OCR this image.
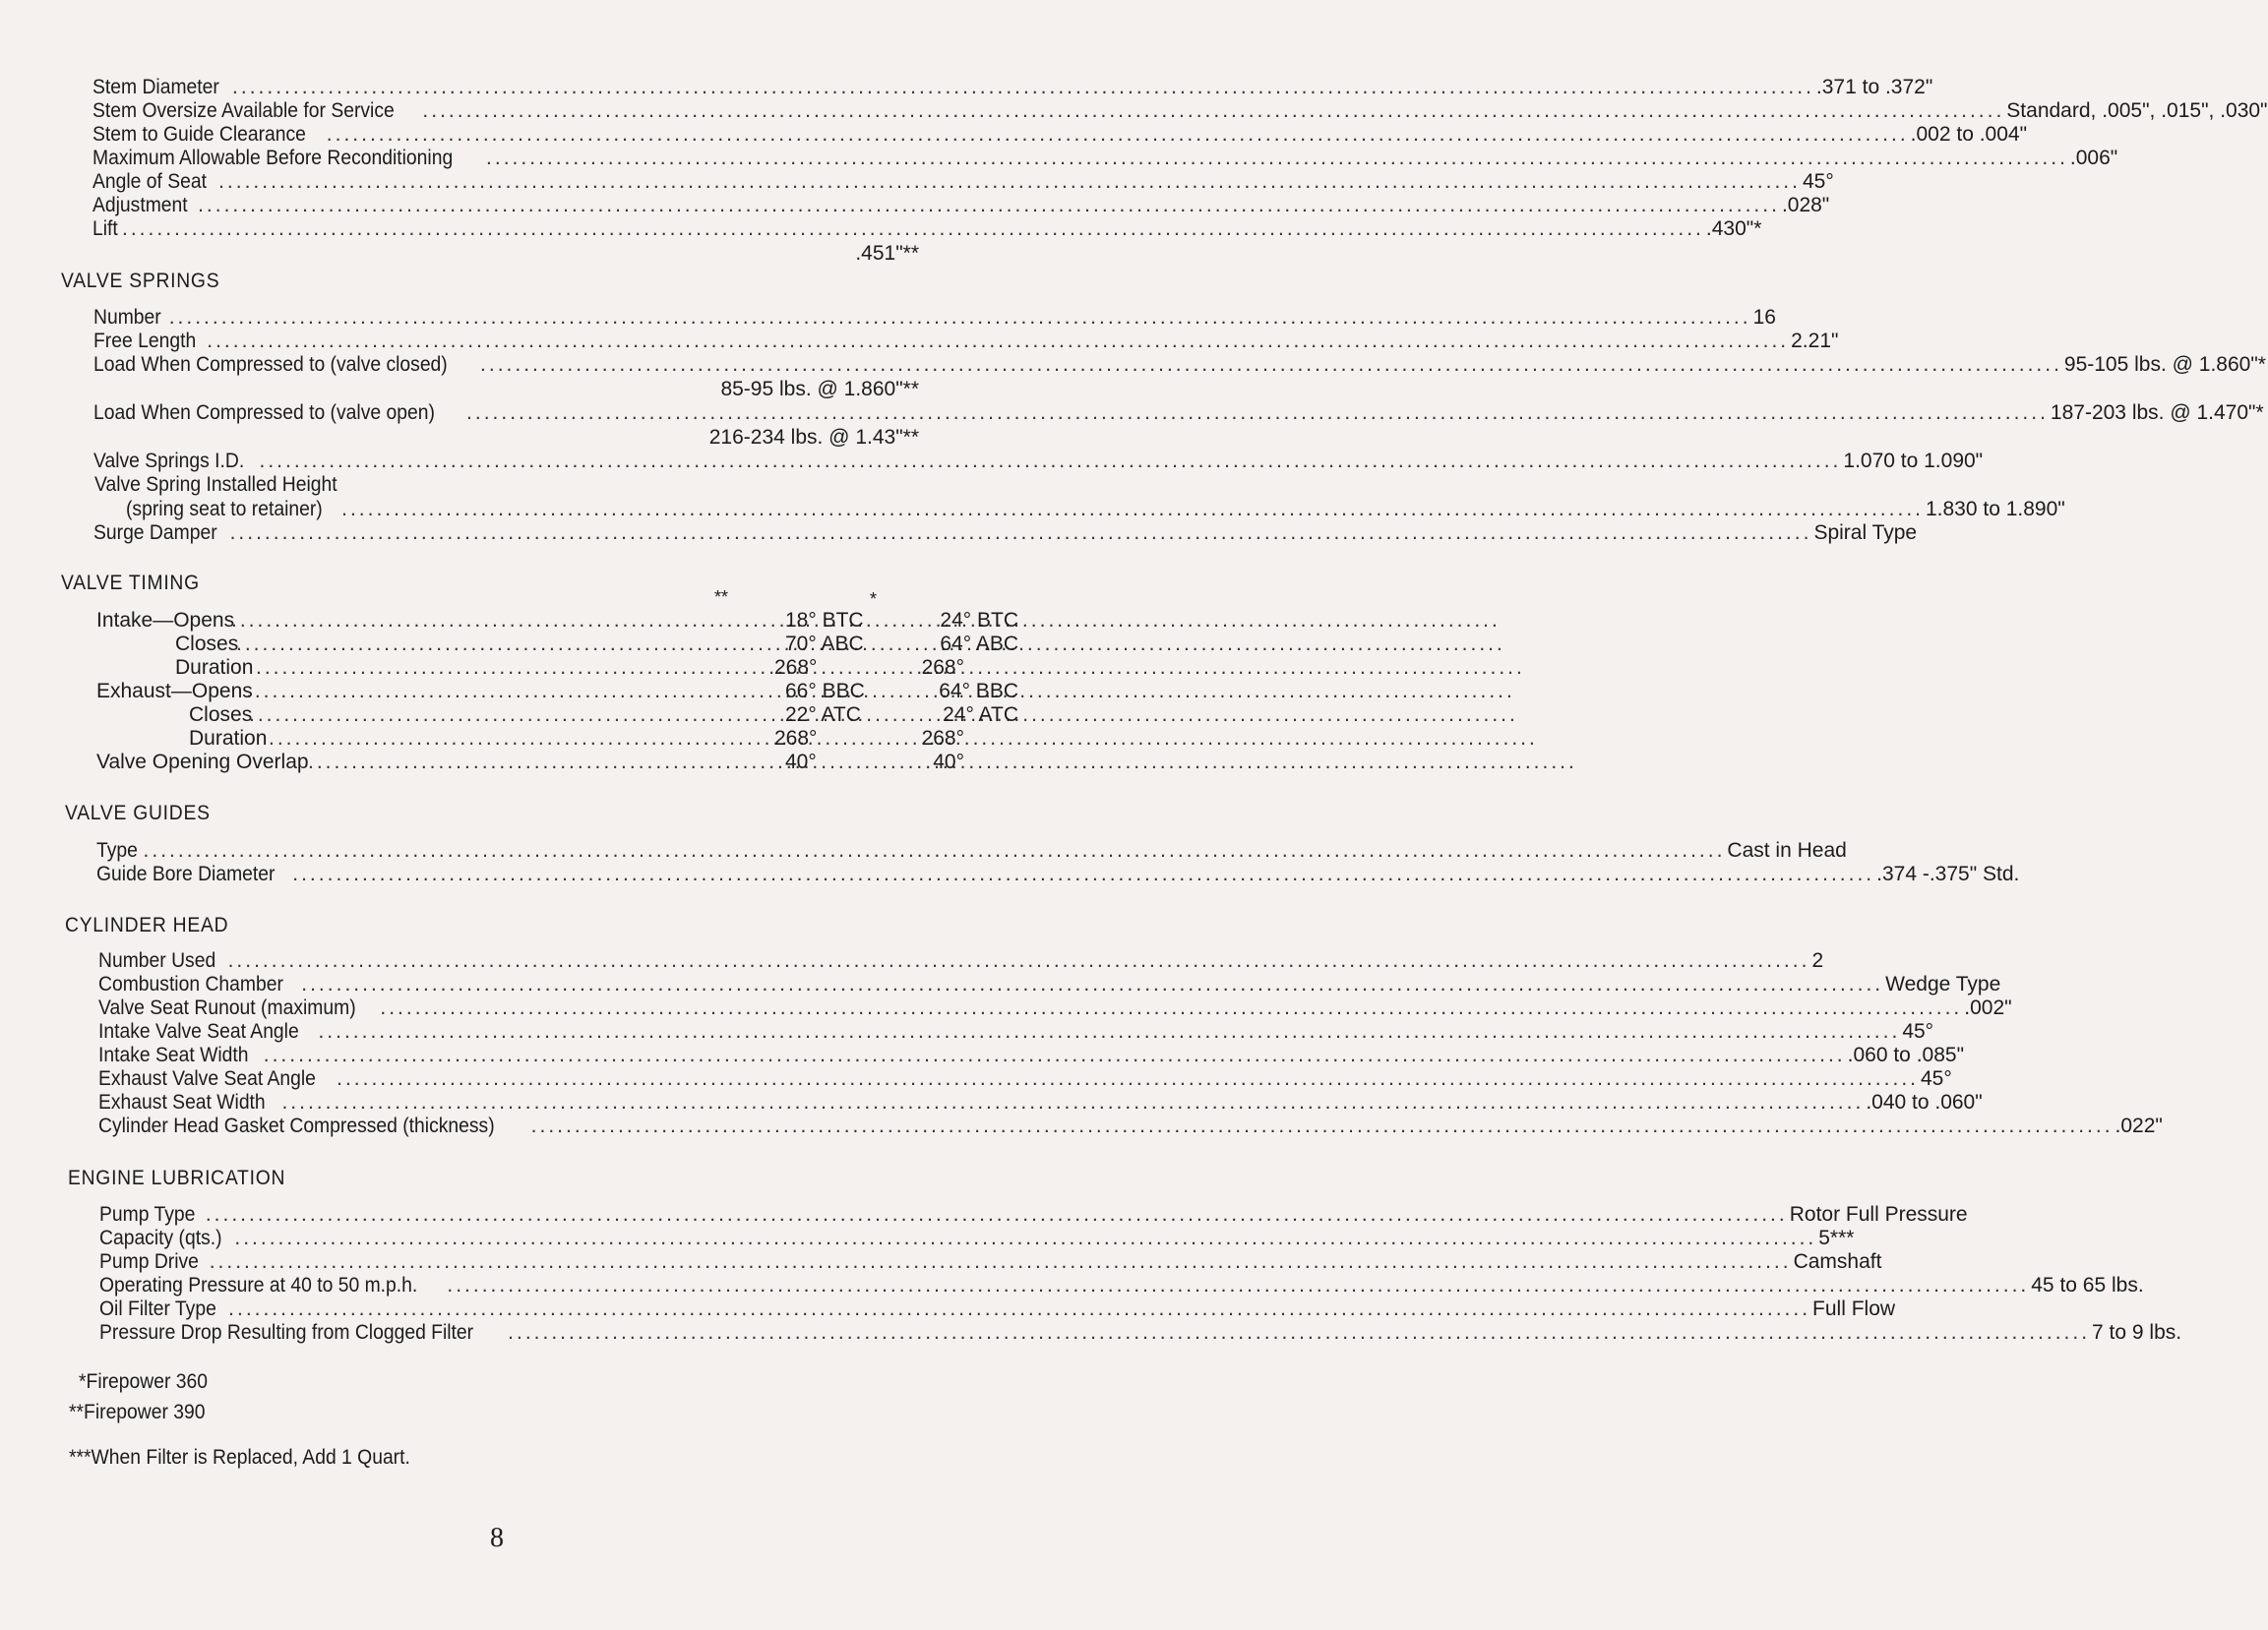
Stem Diameter .....	.371 to .372"
Stem Oversize Available for Service .....	Standard, .005", .015", .030"
Stem to Guide Clearance .....	.002 to .004"
Maximum Allowable Before Reconditioning .....	.006"
Angle of Seat .....	45°
Adjustment .....	.028"
Lift .....	.430"*
.451"**
VALVE SPRINGS
Number .....	16
Free Length .....	2.21"
Load When Compressed to (valve closed) .....	95-105 lbs. @ 1.860"*
85-95 lbs. @ 1.860"**
Load When Compressed to (valve open) .....	187-203 lbs. @ 1.470"*
216-234 lbs. @ 1.43"**
Valve Springs I.D. .....	1.070 to 1.090"
Valve Spring Installed Height
(spring seat to retainer) .....	1.830 to 1.890"
Surge Damper .....	Spiral Type
VALVE TIMING
**	*
Intake—Opens .....	18° BTC	24° BTC
Closes .....	70° ABC	64° ABC
Duration .....	268°	268°
Exhaust—Opens .....	66° BBC	64° BBC
Closes .....	22° ATC	24° ATC
Duration .....	268°	268°
Valve Opening Overlap .....	40°	40°
VALVE GUIDES
Type .....	Cast in Head
Guide Bore Diameter .....	.374 -.375" Std.
CYLINDER HEAD
Number Used .....	2
Combustion Chamber .....	Wedge Type
Valve Seat Runout (maximum) .....	.002"
Intake Valve Seat Angle .....	45°
Intake Seat Width .....	.060 to .085"
Exhaust Valve Seat Angle .....	45°
Exhaust Seat Width .....	.040 to .060"
Cylinder Head Gasket Compressed (thickness) .....	.022"
ENGINE LUBRICATION
Pump Type .....	Rotor Full Pressure
Capacity (qts.) .....	5***
Pump Drive .....	Camshaft
Operating Pressure at 40 to 50 m.p.h. .....	45 to 65 lbs.
Oil Filter Type .....	Full Flow
Pressure Drop Resulting from Clogged Filter .....	7 to 9 lbs.
*Firepower 360
**Firepower 390
***When Filter is Replaced, Add 1 Quart.
8
